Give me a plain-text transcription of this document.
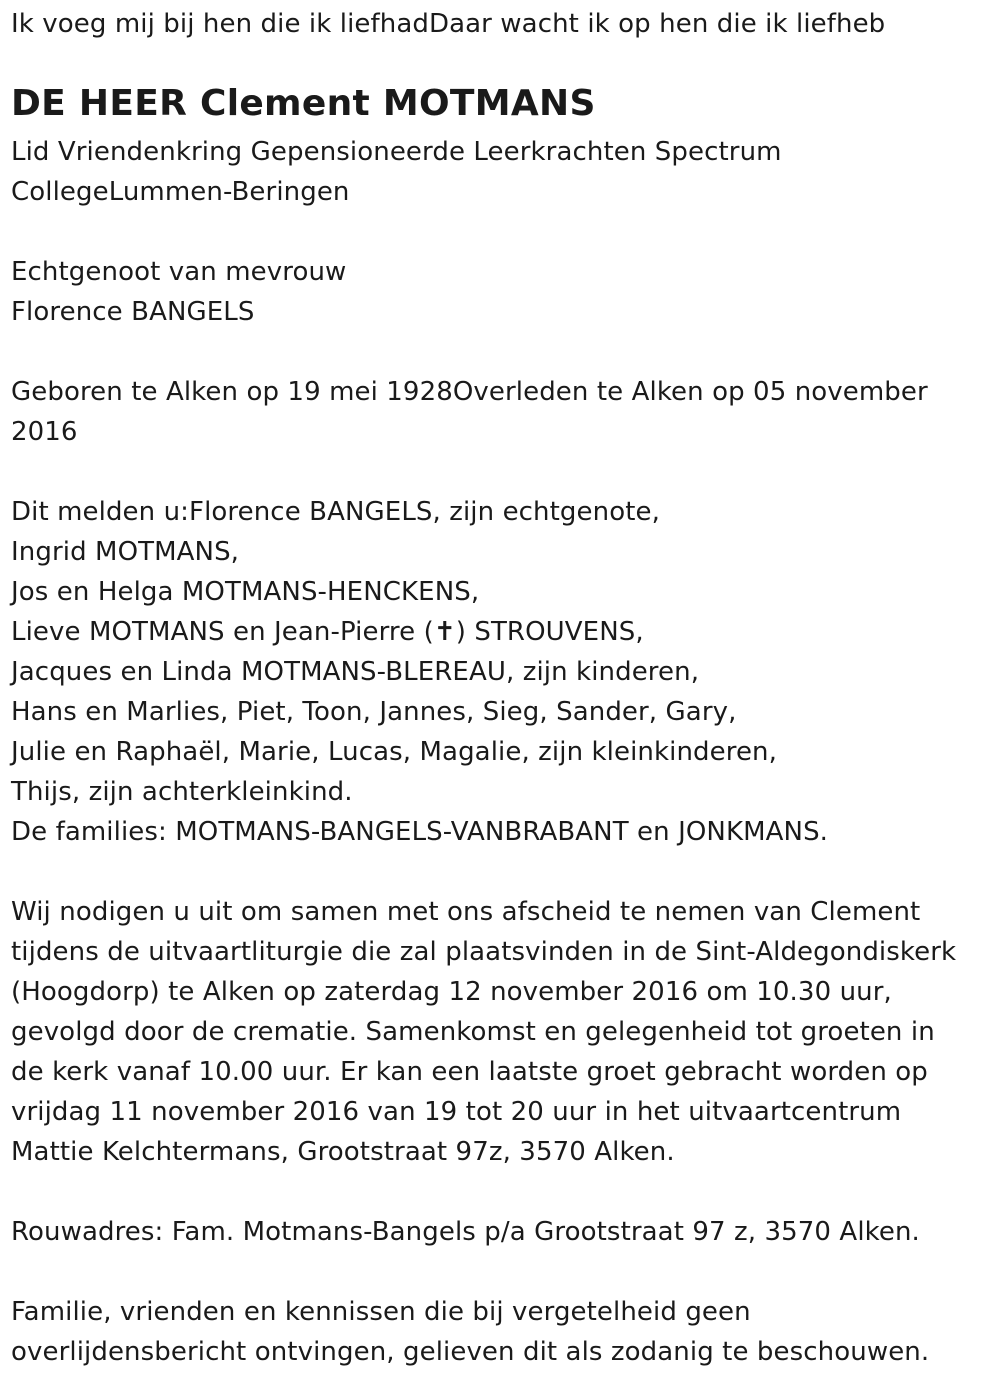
Ik voeg mij bij hen die ik liefhadDaar wacht ik op hen die ik liefheb
DE HEER Clement MOTMANS
Lid Vriendenkring Gepensioneerde Leerkrachten Spectrum
CollegeLummen-Beringen
Echtgenoot van mevrouw
Florence BANGELS
Geboren te Alken op 19 mei 1928Overleden te Alken op 05 november
2016
Dit melden u:Florence BANGELS, zijn echtgenote,
Ingrid MOTMANS,
Jos en Helga MOTMANS-HENCKENS,
Lieve MOTMANS en Jean-Pierre (✝) STROUVENS,
Jacques en Linda MOTMANS-BLEREAU, zijn kinderen,
Hans en Marlies, Piet, Toon, Jannes, Sieg, Sander, Gary,
Julie en Raphaël, Marie, Lucas, Magalie, zijn kleinkinderen,
Thijs, zijn achterkleinkind.
De families: MOTMANS-BANGELS-VANBRABANT en JONKMANS.
Wij nodigen u uit om samen met ons afscheid te nemen van Clement
tijdens de uitvaartliturgie die zal plaatsvinden in de Sint-Aldegondiskerk
(Hoogdorp) te Alken op zaterdag 12 november 2016 om 10.30 uur,
gevolgd door de crematie. Samenkomst en gelegenheid tot groeten in
de kerk vanaf 10.00 uur. Er kan een laatste groet gebracht worden op
vrijdag 11 november 2016 van 19 tot 20 uur in het uitvaartcentrum
Mattie Kelchtermans, Grootstraat 97z, 3570 Alken.
Rouwadres: Fam. Motmans-Bangels p/a Grootstraat 97 z, 3570 Alken.
Familie, vrienden en kennissen die bij vergetelheid geen
overlijdensbericht ontvingen, gelieven dit als zodanig te beschouwen.
